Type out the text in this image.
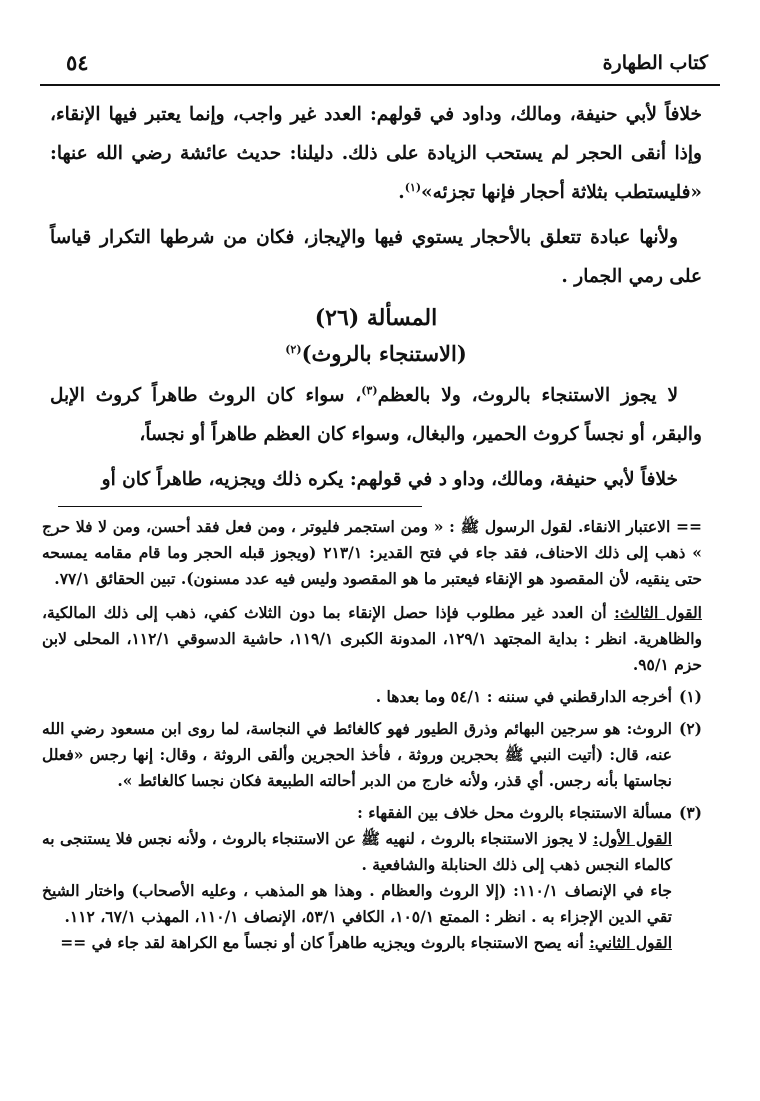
كتاب الطهارة
٥٤

خلافاً لأبي حنيفة، ومالك، وداود في قولهم: العدد غير واجب، وإنما يعتبر فيها الإنقاء، وإذا أنقى الحجر لم يستحب الزيادة على ذلك. دليلنا: حديث عائشة رضي الله عنها: «فليستطب بثلاثة أحجار فإنها تجزئه»$^{(١)}$.

ولأنها عبادة تتعلق بالأحجار يستوي فيها والإيجاز، فكان من شرطها التكرار قياساً على رمي الجمار .

المسألة (٢٦)
(الاستنجاء بالروث)$^{(٢)}$

لا يجوز الاستنجاء بالروث، ولا بالعظم$^{(٣)}$، سواء كان الروث طاهراً كروث الإبل والبقر، أو نجساً كروث الحمير، والبغال، وسواء كان العظم طاهراً أو نجساً،

خلافاً لأبي حنيفة، ومالك، وداو د في قولهم: يكره ذلك ويجزيه، طاهراً كان أو

== الاعتبار الانقاء. لقول الرسول ﷺ : « ومن استجمر فليوتر ، ومن فعل فقد أحسن، ومن لا فلا حرج » ذهب إلى ذلك الاحناف، فقد جاء في فتح القدير: ٢١٣/١ (ويجوز قبله الحجر وما قام مقامه يمسحه حتى ينقيه، لأن المقصود هو الإنقاء فيعتبر ما هو المقصود وليس فيه عدد مسنون). تبين الحقائق ٧٧/١.

القول الثالث: أن العدد غير مطلوب فإذا حصل الإنقاء بما دون الثلاث كفي، ذهب إلى ذلك المالكية، والظاهرية. انظر : بداية المجتهد ١٢٩/١، المدونة الكبرى ١١٩/١، حاشية الدسوقي ١١٢/١، المحلى لابن حزم ٩٥/١.

(١)
أخرجه الدارقطني في سننه : ٥٤/١ وما بعدها .

(٢)
الروث: هو سرجين البهائم وذرق الطيور فهو كالغائط في النجاسة، لما روى ابن مسعود رضي الله عنه، قال: (أتيت النبي ﷺ بحجرين وروثة ، فأخذ الحجرين وألقى الروثة ، وقال: إنها رجس «فعلل نجاستها بأنه رجس. أي قذر، ولأنه خارج من الدبر أحالته الطبيعة فكان نجسا كالغائط ».

(٣)
مسألة الاستنجاء بالروث محل خلاف بين الفقهاء :

القول الأول: لا يجوز الاستنجاء بالروث ، لنهيه ﷺ عن الاستنجاء بالروث ، ولأنه نجس فلا يستنجى به كالماء النجس ذهب إلى ذلك الحنابلة والشافعية .

جاء في الإنصاف ١١٠/١: (إلا الروث والعظام . وهذا هو المذهب ، وعليه الأصحاب) واختار الشيخ تقي الدين الإجزاء به . انظر : الممتع ١٠٥/١، الكافي ٥٣/١، الإنصاف ١١٠/١، المهذب ٦٧/١، ١١٢.

القول الثاني: أنه يصح الاستنجاء بالروث ويجزيه طاهراً كان أو نجساً مع الكراهة لقد جاء في ==
